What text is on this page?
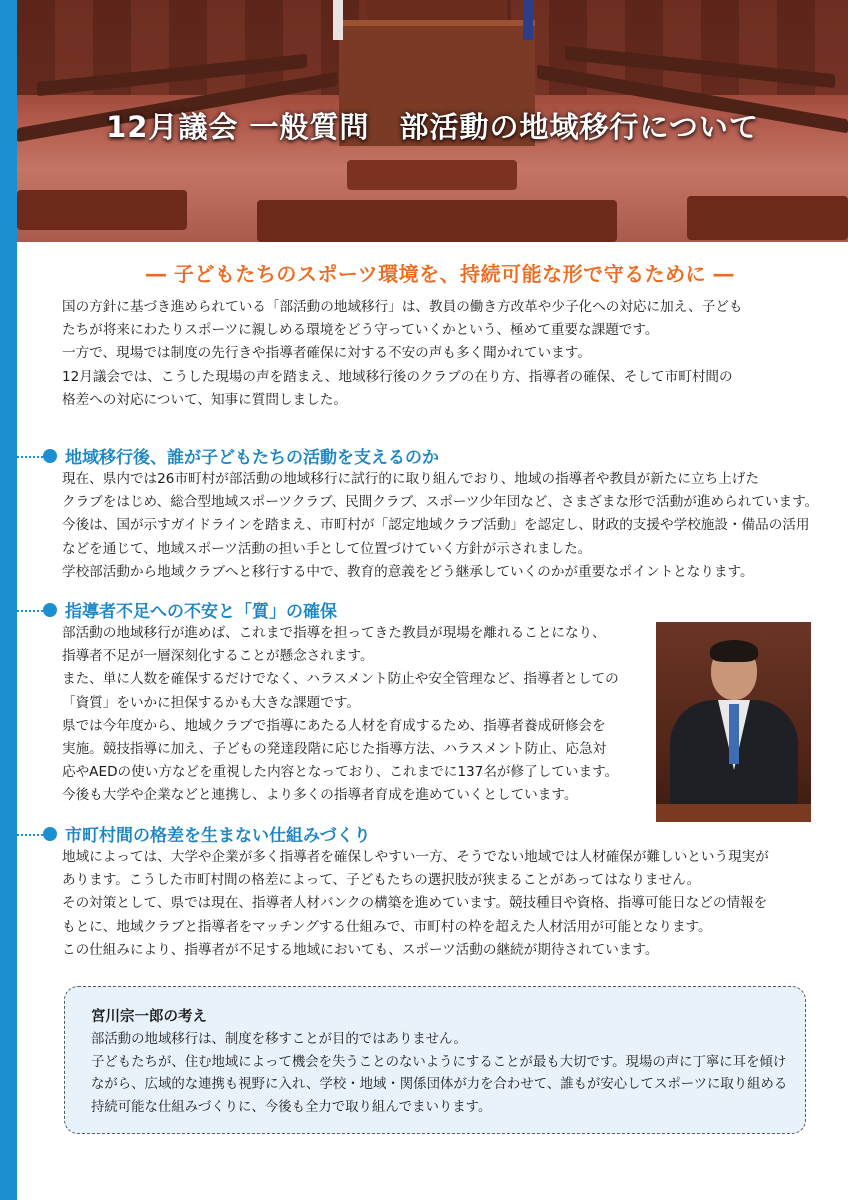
12月議会 一般質問　部活動の地域移行について
― 子どもたちのスポーツ環境を、持続可能な形で守るために ―

国の方針に基づき進められている「部活動の地域移行」は、教員の働き方改革や少子化への対応に加え、子ども

たちが将来にわたりスポーツに親しめる環境をどう守っていくかという、極めて重要な課題です。

一方で、現場では制度の先行きや指導者確保に対する不安の声も多く聞かれています。

12月議会では、こうした現場の声を踏まえ、地域移行後のクラブの在り方、指導者の確保、そして市町村間の

格差への対応について、知事に質問しました。

地域移行後、誰が子どもたちの活動を支えるのか

現在、県内では26市町村が部活動の地域移行に試行的に取り組んでおり、地域の指導者や教員が新たに立ち上げた

クラブをはじめ、総合型地域スポーツクラブ、民間クラブ、スポーツ少年団など、さまざまな形で活動が進められています。

今後は、国が示すガイドラインを踏まえ、市町村が「認定地域クラブ活動」を認定し、財政的支援や学校施設・備品の活用

などを通じて、地域スポーツ活動の担い手として位置づけていく方針が示されました。

学校部活動から地域クラブへと移行する中で、教育的意義をどう継承していくのかが重要なポイントとなります。

指導者不足への不安と「質」の確保

部活動の地域移行が進めば、これまで指導を担ってきた教員が現場を離れることになり、

指導者不足が一層深刻化することが懸念されます。

また、単に人数を確保するだけでなく、ハラスメント防止や安全管理など、指導者としての

「資質」をいかに担保するかも大きな課題です。

県では今年度から、地域クラブで指導にあたる人材を育成するため、指導者養成研修会を

実施。競技指導に加え、子どもの発達段階に応じた指導方法、ハラスメント防止、応急対

応やAEDの使い方などを重視した内容となっており、これまでに137名が修了しています。

今後も大学や企業などと連携し、より多くの指導者育成を進めていくとしています。

市町村間の格差を生まない仕組みづくり

地域によっては、大学や企業が多く指導者を確保しやすい一方、そうでない地域では人材確保が難しいという現実が

あります。こうした市町村間の格差によって、子どもたちの選択肢が狭まることがあってはなりません。

その対策として、県では現在、指導者人材バンクの構築を進めています。競技種目や資格、指導可能日などの情報を

もとに、地域クラブと指導者をマッチングする仕組みで、市町村の枠を超えた人材活用が可能となります。

この仕組みにより、指導者が不足する地域においても、スポーツ活動の継続が期待されています。

宮川宗一郎の考え

部活動の地域移行は、制度を移すことが目的ではありません。

子どもたちが、住む地域によって機会を失うことのないようにすることが最も大切です。現場の声に丁寧に耳を傾け

ながら、広域的な連携も視野に入れ、学校・地域・関係団体が力を合わせて、誰もが安心してスポーツに取り組める

持続可能な仕組みづくりに、今後も全力で取り組んでまいります。
